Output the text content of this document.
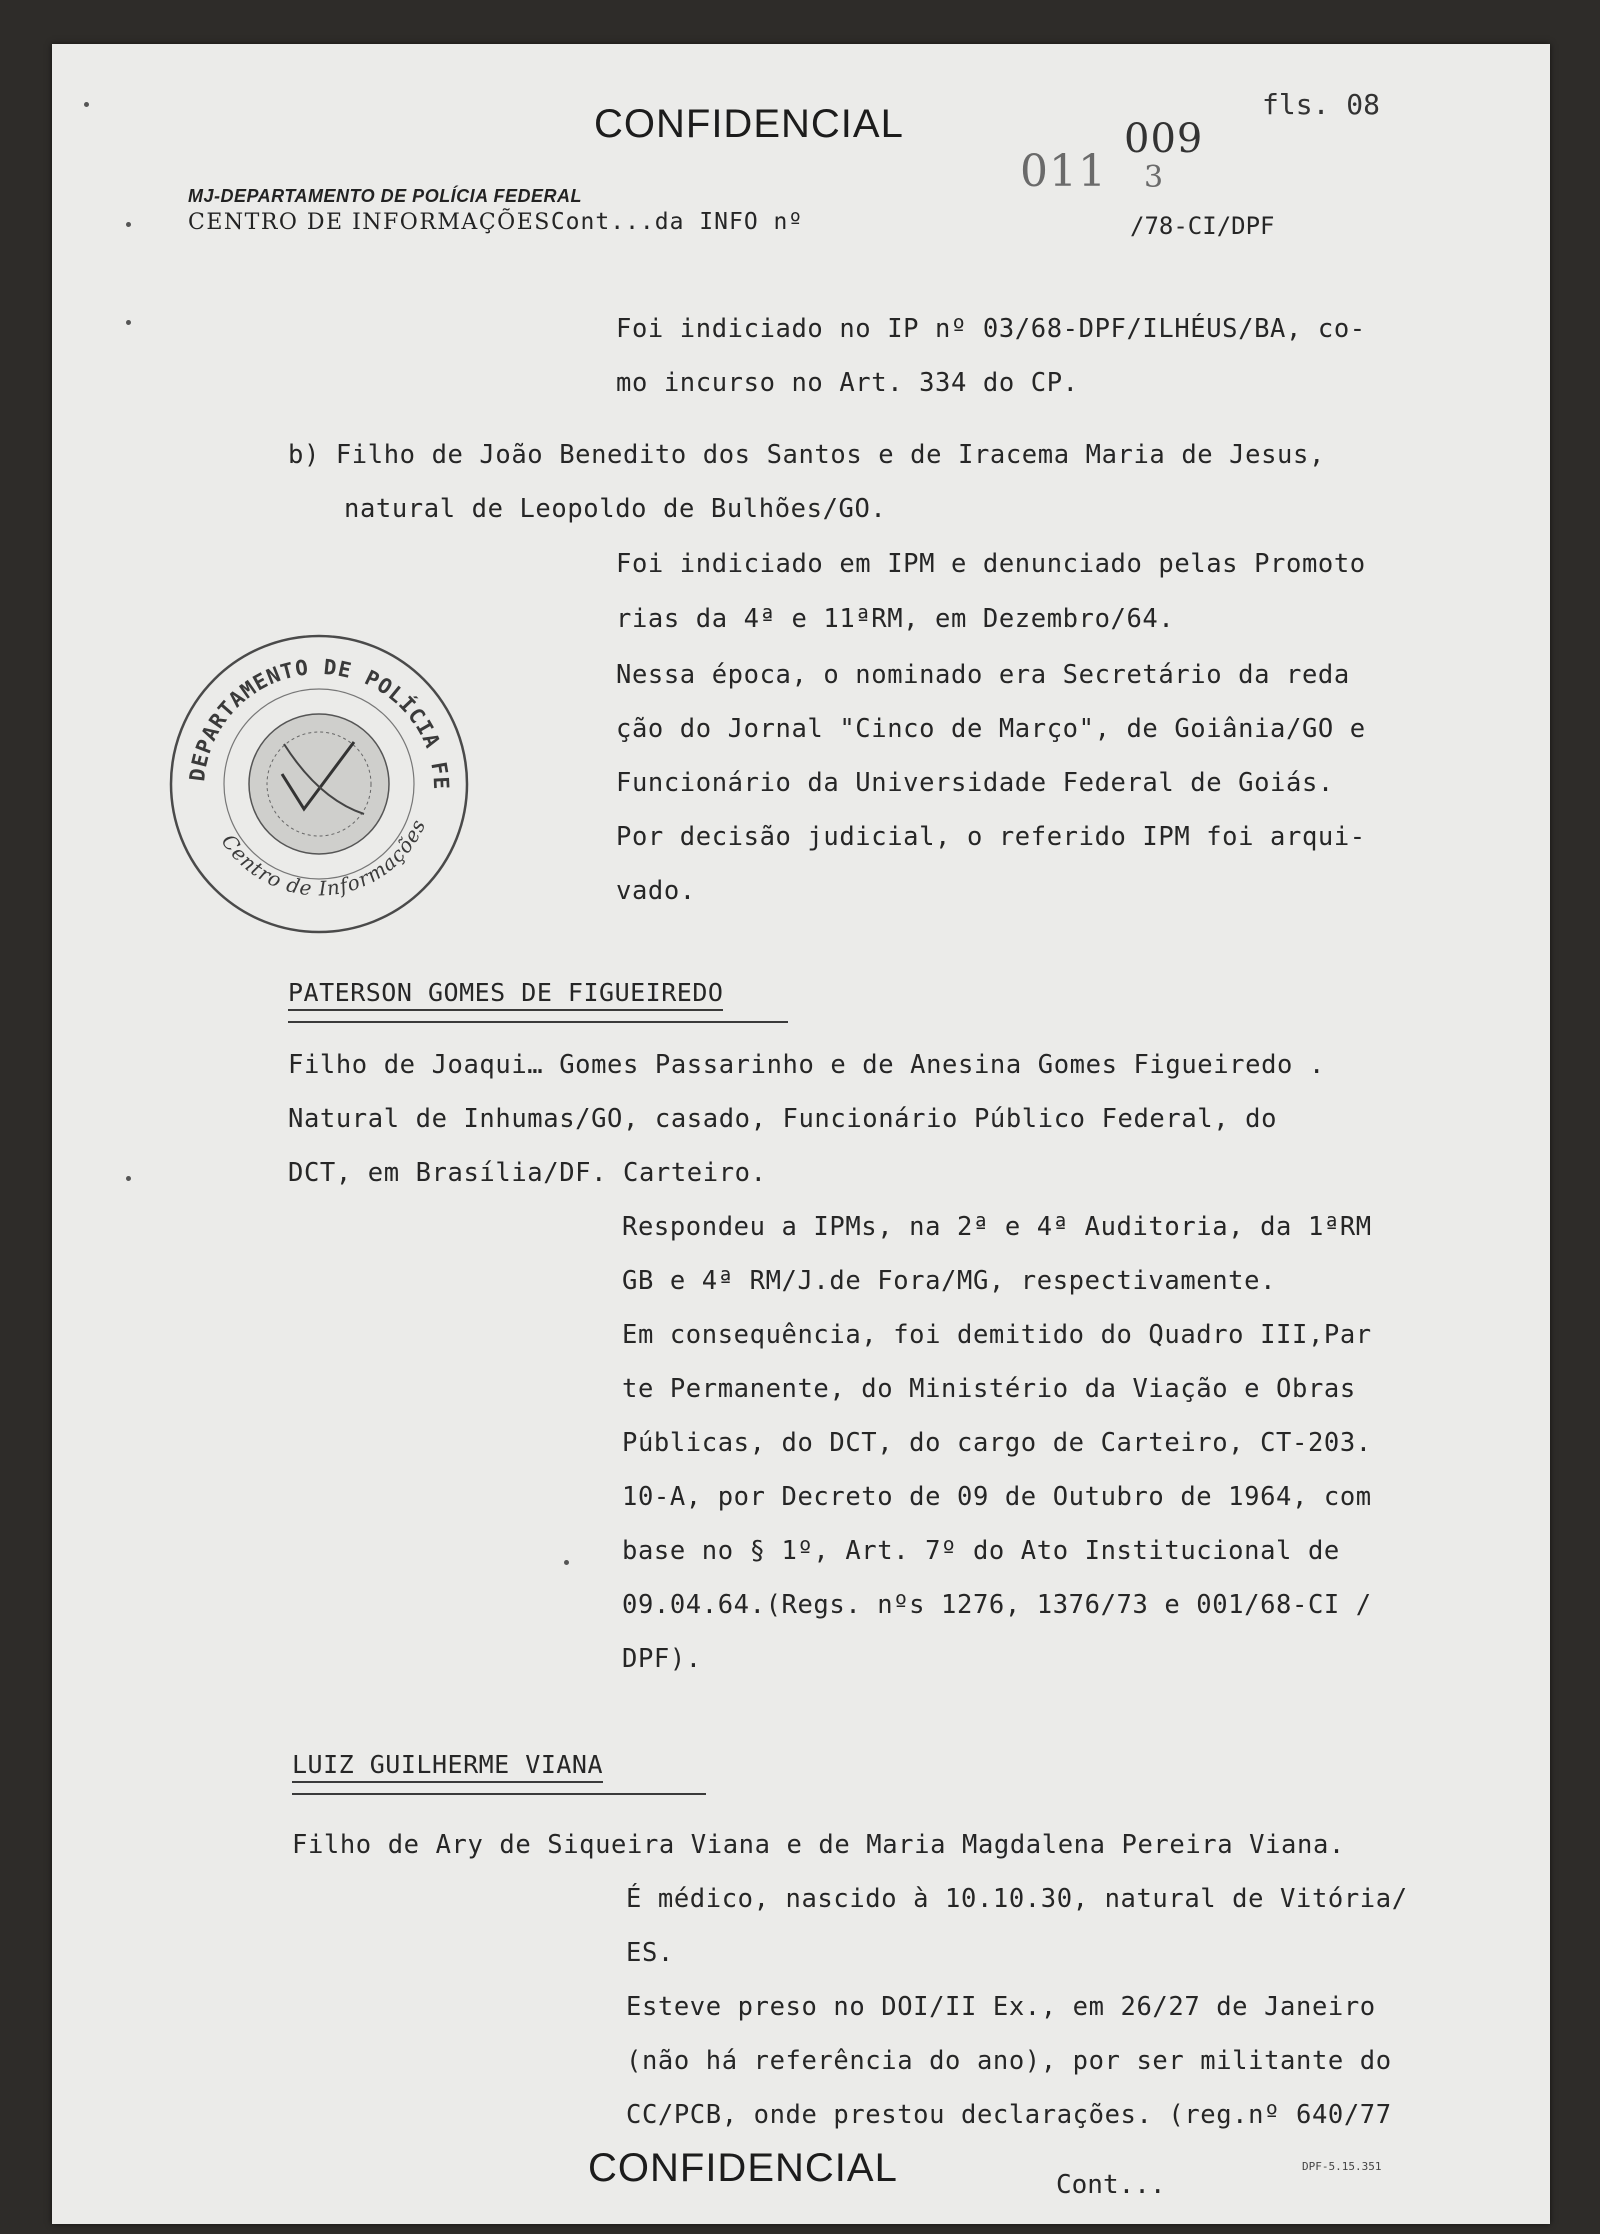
CONFIDENCIAL	fls. 08
011
009
3
MJ-DEPARTAMENTO DE POLÍCIA FEDERAL
CENTRO DE INFORMAÇÕESCont...da INFO nº	/78-CI/DPF
Foi indiciado no IP nº 03/68-DPF/ILHÉUS/BA, co-
mo incurso no Art. 334 do CP.
b) Filho de João Benedito dos Santos e de Iracema Maria de Jesus,
natural de Leopoldo de Bulhões/GO.
Foi indiciado em IPM e denunciado pelas Promoto
rias da 4ª e 11ªRM, em Dezembro/64.
Nessa época, o nominado era Secretário da reda
ção do Jornal "Cinco de Março", de Goiânia/GO e
Funcionário da Universidade Federal de Goiás.
Por decisão judicial, o referido IPM foi arqui-
vado.
DEPARTAMENTO DE POLÍCIA FE
Centro de Informações
PATERSON GOMES DE FIGUEIREDO
Filho de Joaqui… Gomes Passarinho e de Anesina Gomes Figueiredo .
Natural de Inhumas/GO, casado, Funcionário Público Federal, do
DCT, em Brasília/DF. Carteiro.
Respondeu a IPMs, na 2ª e 4ª Auditoria, da 1ªRM
GB e 4ª RM/J.de Fora/MG, respectivamente.
Em consequência, foi demitido do Quadro III,Par
te Permanente, do Ministério da Viação e Obras
Públicas, do DCT, do cargo de Carteiro, CT-203.
10-A, por Decreto de 09 de Outubro de 1964, com
base no § 1º, Art. 7º do Ato Institucional de
09.04.64.(Regs. nºs 1276, 1376/73 e 001/68-CI /
DPF).
LUIZ GUILHERME VIANA
Filho de Ary de Siqueira Viana e de Maria Magdalena Pereira Viana.
É médico, nascido à 10.10.30, natural de Vitória/
ES.
Esteve preso no DOI/II Ex., em 26/27 de Janeiro
(não há referência do ano), por ser militante do
CC/PCB, onde prestou declarações. (reg.nº 640/77
CONFIDENCIAL	Cont...
DPF-5.15.351
